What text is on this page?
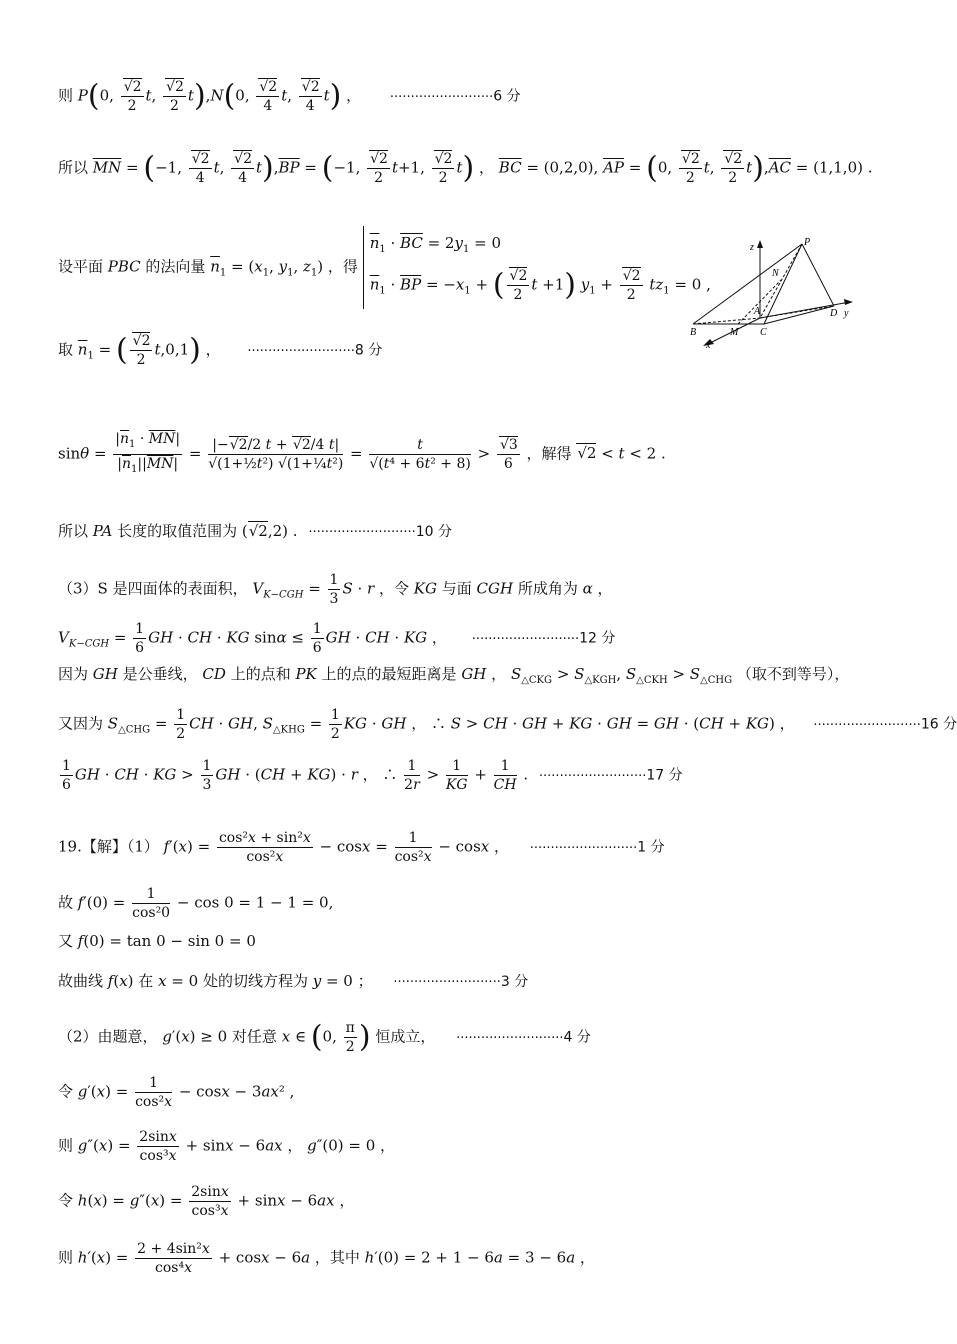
则 P(0, $\frac{√2}{2} t$, $\frac{√2}{2} t),N(0$, $\frac{√2}{4} t$, $\frac{√2}{4} t$) ， ·························6 分
所以 $\overline{MN} = (-1$, $\frac{√2}{4} t$, $\frac{√2}{4} t),\overline{BP} = (-1$, $\frac{√2}{2} t+1$, $\frac{√2}{2} t$) ， $\overline{BC} = (0,2,0)$, $\overline{AP} = (0$, $\frac{√2}{2} t$, $\frac{√2}{2} t),\overline{AC} = (1,1,0)$ .
设平面 PBC 的法向量 $\overline{n}_1 = (x_1$, $y_1$, $z_1$) ，得
$\overline{n}_1 \cdot \overline{BC} = 2y_1 = 0$
$\overline{n}_1 \cdot \overline{BP} = -x_1$ + ( $\frac{√2}{2}$ t +1) $y_1 + \frac{√2}{2} tz_1 = 0$ ,
z
y
x
P
N
A
B	M C
D
取 $\overline{n}_1$ = ( $\frac{√2}{2} t,0,1$) ， ··························8 分
$\sin\theta = \frac{|\overline{n}_1 \cdot \overline{MN}|}{|\overline{n}_1||\overline{MN}|} = \frac{|-√2/2 t + √2/4 t|}{\text{√(1+½t²) √(1+¼t²)}} = \frac{t}{\text{√(t⁴ + 6t² + 8)}} > \frac{√3}{6}$ ，解得 √2 < t < 2 .
所以 PA 长度的取值范围为 (√2,2) . ··························10 分
（3）S 是四面体的表面积， $V_{K-CGH} = \frac{1}{3}$ S · r ，令 KG 与面 CGH 所成角为 α ，
$V_{K-CGH} = \frac{1}{6}$ GH · CH · KG $\sin\alpha \le \frac{1}{6}$ GH · CH · KG ， ··························12 分
因为 GH 是公垂线， CD 上的点和 PK 上的点的最短距离是 GH ， $S_{\triangle CKG} > S_{\triangle KGH}$, $S_{\triangle CKH} > S_{\triangle CHG}$ （取不到等号），
又因为 $S_{\triangle CHG} = \frac{1}{2}$ CH · GH, $S_{\triangle KHG} = \frac{1}{2}$ KG · GH ， ∴ S > CH · GH + KG · GH = GH · (CH + KG) ， ··························16 分
$\frac{1}{6}$ GH · CH · KG > $\frac{1}{3}$ GH · (CH + KG) · r ， ∴ $\frac{1}{2r} > \frac{1}{KG} + \frac{1}{CH}$ . ··························17 分
19.【解】（1） $f'(x) = \frac{\text{cos²x + sin²x}}{\text{cos²x}} - \cos x = \frac{1}{\text{cos²x}} - \cos x$ ， ··························1 分
故 $f'(0) = \frac{1}{\text{cos²0}} - \cos 0 = 1 - 1 = 0$,
又 f(0) = tan 0 − sin 0 = 0
故曲线 f(x) 在 x = 0 处的切线方程为 y = 0 ； ··························3 分
（2）由题意， g′(x) ≥ 0 对任意 x ∈ (0, $\frac{\pi}{2}$ ) 恒成立， ··························4 分
令 $g'(x) = \frac{1}{\text{cos²x}} - \cos x - 3ax^2$ ,
则 $g''(x) = \frac{2\sin x}{\text{cos³x}} + \sin x - 6ax$ ， g″(0) = 0 ，
令 $h(x) = g''(x) = \frac{2\sin x}{\text{cos³x}} + \sin x - 6ax$ ，
则 $h'(x) = \frac{\text{2 + 4sin²x}}{\text{cos⁴x}} + \cos x - 6a$ ，其中 h′(0) = 2 + 1 − 6a = 3 − 6a ，
